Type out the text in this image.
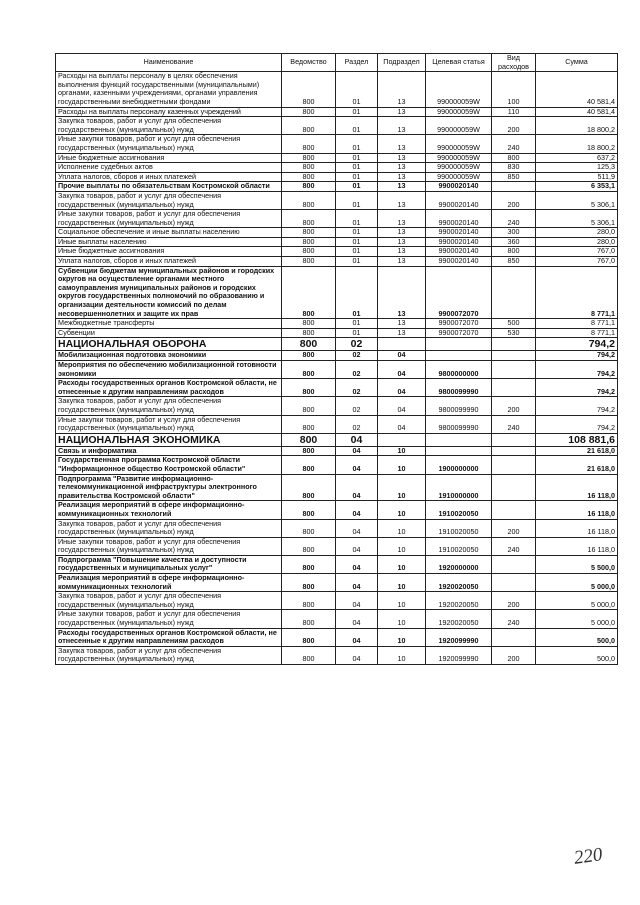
Наименование	Ведомство	Раздел	Подраздел	Целевая статья	Вид расходов	Сумма
Расходы на выплаты персоналу в целях обеспечения выполнения функций государственными (муниципальными) органами, казенными учреждениями, органами управления государственными внебюджетными фондами	800	01	13	990000059W	100	40 581,4
Расходы на выплаты персоналу казенных учреждений	800	01	13	990000059W	110	40 581,4
Закупка товаров, работ и услуг для обеспечения государственных (муниципальных) нужд	800	01	13	990000059W	200	18 800,2
Иные закупки товаров, работ и услуг для обеспечения государственных (муниципальных) нужд	800	01	13	990000059W	240	18 800,2
Иные бюджетные ассигнования	800	01	13	990000059W	800	637,2
Исполнение судебных актов	800	01	13	990000059W	830	125,3
Уплата налогов, сборов и иных платежей	800	01	13	990000059W	850	511,9
Прочие выплаты по обязательствам Костромской области	800	01	13	9900020140		6 353,1
Закупка товаров, работ и услуг для обеспечения государственных (муниципальных) нужд	800	01	13	9900020140	200	5 306,1
Иные закупки товаров, работ и услуг для обеспечения государственных (муниципальных) нужд	800	01	13	9900020140	240	5 306,1
Социальное обеспечение и иные выплаты населению	800	01	13	9900020140	300	280,0
Иные выплаты населению	800	01	13	9900020140	360	280,0
Иные бюджетные ассигнования	800	01	13	9900020140	800	767,0
Уплата налогов, сборов и иных платежей	800	01	13	9900020140	850	767,0
Субвенции бюджетам муниципальных районов и городских округов на осуществление органами местного самоуправления муниципальных районов и городских округов государственных полномочий по образованию и организации деятельности комиссий по делам несовершеннолетних и защите их прав	800	01	13	9900072070		8 771,1
Межбюджетные трансферты	800	01	13	9900072070	500	8 771,1
Субвенции	800	01	13	9900072070	530	8 771,1
НАЦИОНАЛЬНАЯ ОБОРОНА	800	02				794,2
Мобилизационная подготовка экономики	800	02	04			794,2
Мероприятия по обеспечению мобилизационной готовности экономики	800	02	04	9800000000		794,2
Расходы государственных органов Костромской области, не отнесенные к другим направлениям расходов	800	02	04	9800099990		794,2
Закупка товаров, работ и услуг для обеспечения государственных (муниципальных) нужд	800	02	04	9800099990	200	794,2
Иные закупки товаров, работ и услуг для обеспечения государственных (муниципальных) нужд	800	02	04	9800099990	240	794,2
НАЦИОНАЛЬНАЯ ЭКОНОМИКА	800	04				108 881,6
Связь и информатика	800	04	10			21 618,0
Государственная программа Костромской области "Информационное общество Костромской области"	800	04	10	1900000000		21 618,0
Подпрограмма "Развитие информационно-телекоммуникационной инфраструктуры электронного правительства Костромской области"	800	04	10	1910000000		16 118,0
Реализация мероприятий в сфере информационно-коммуникационных технологий	800	04	10	1910020050		16 118,0
Закупка товаров, работ и услуг для обеспечения государственных (муниципальных) нужд	800	04	10	1910020050	200	16 118,0
Иные закупки товаров, работ и услуг для обеспечения государственных (муниципальных) нужд	800	04	10	1910020050	240	16 118,0
Подпрограмма "Повышение качества и доступности государственных и муниципальных услуг"	800	04	10	1920000000		5 500,0
Реализация мероприятий в сфере информационно-коммуникационных технологий	800	04	10	1920020050		5 000,0
Закупка товаров, работ и услуг для обеспечения государственных (муниципальных) нужд	800	04	10	1920020050	200	5 000,0
Иные закупки товаров, работ и услуг для обеспечения государственных (муниципальных) нужд	800	04	10	1920020050	240	5 000,0
Расходы государственных органов Костромской области, не отнесенные к другим направлениям расходов	800	04	10	1920099990		500,0
Закупка товаров, работ и услуг для обеспечения государственных (муниципальных) нужд	800	04	10	1920099990	200	500,0
220
